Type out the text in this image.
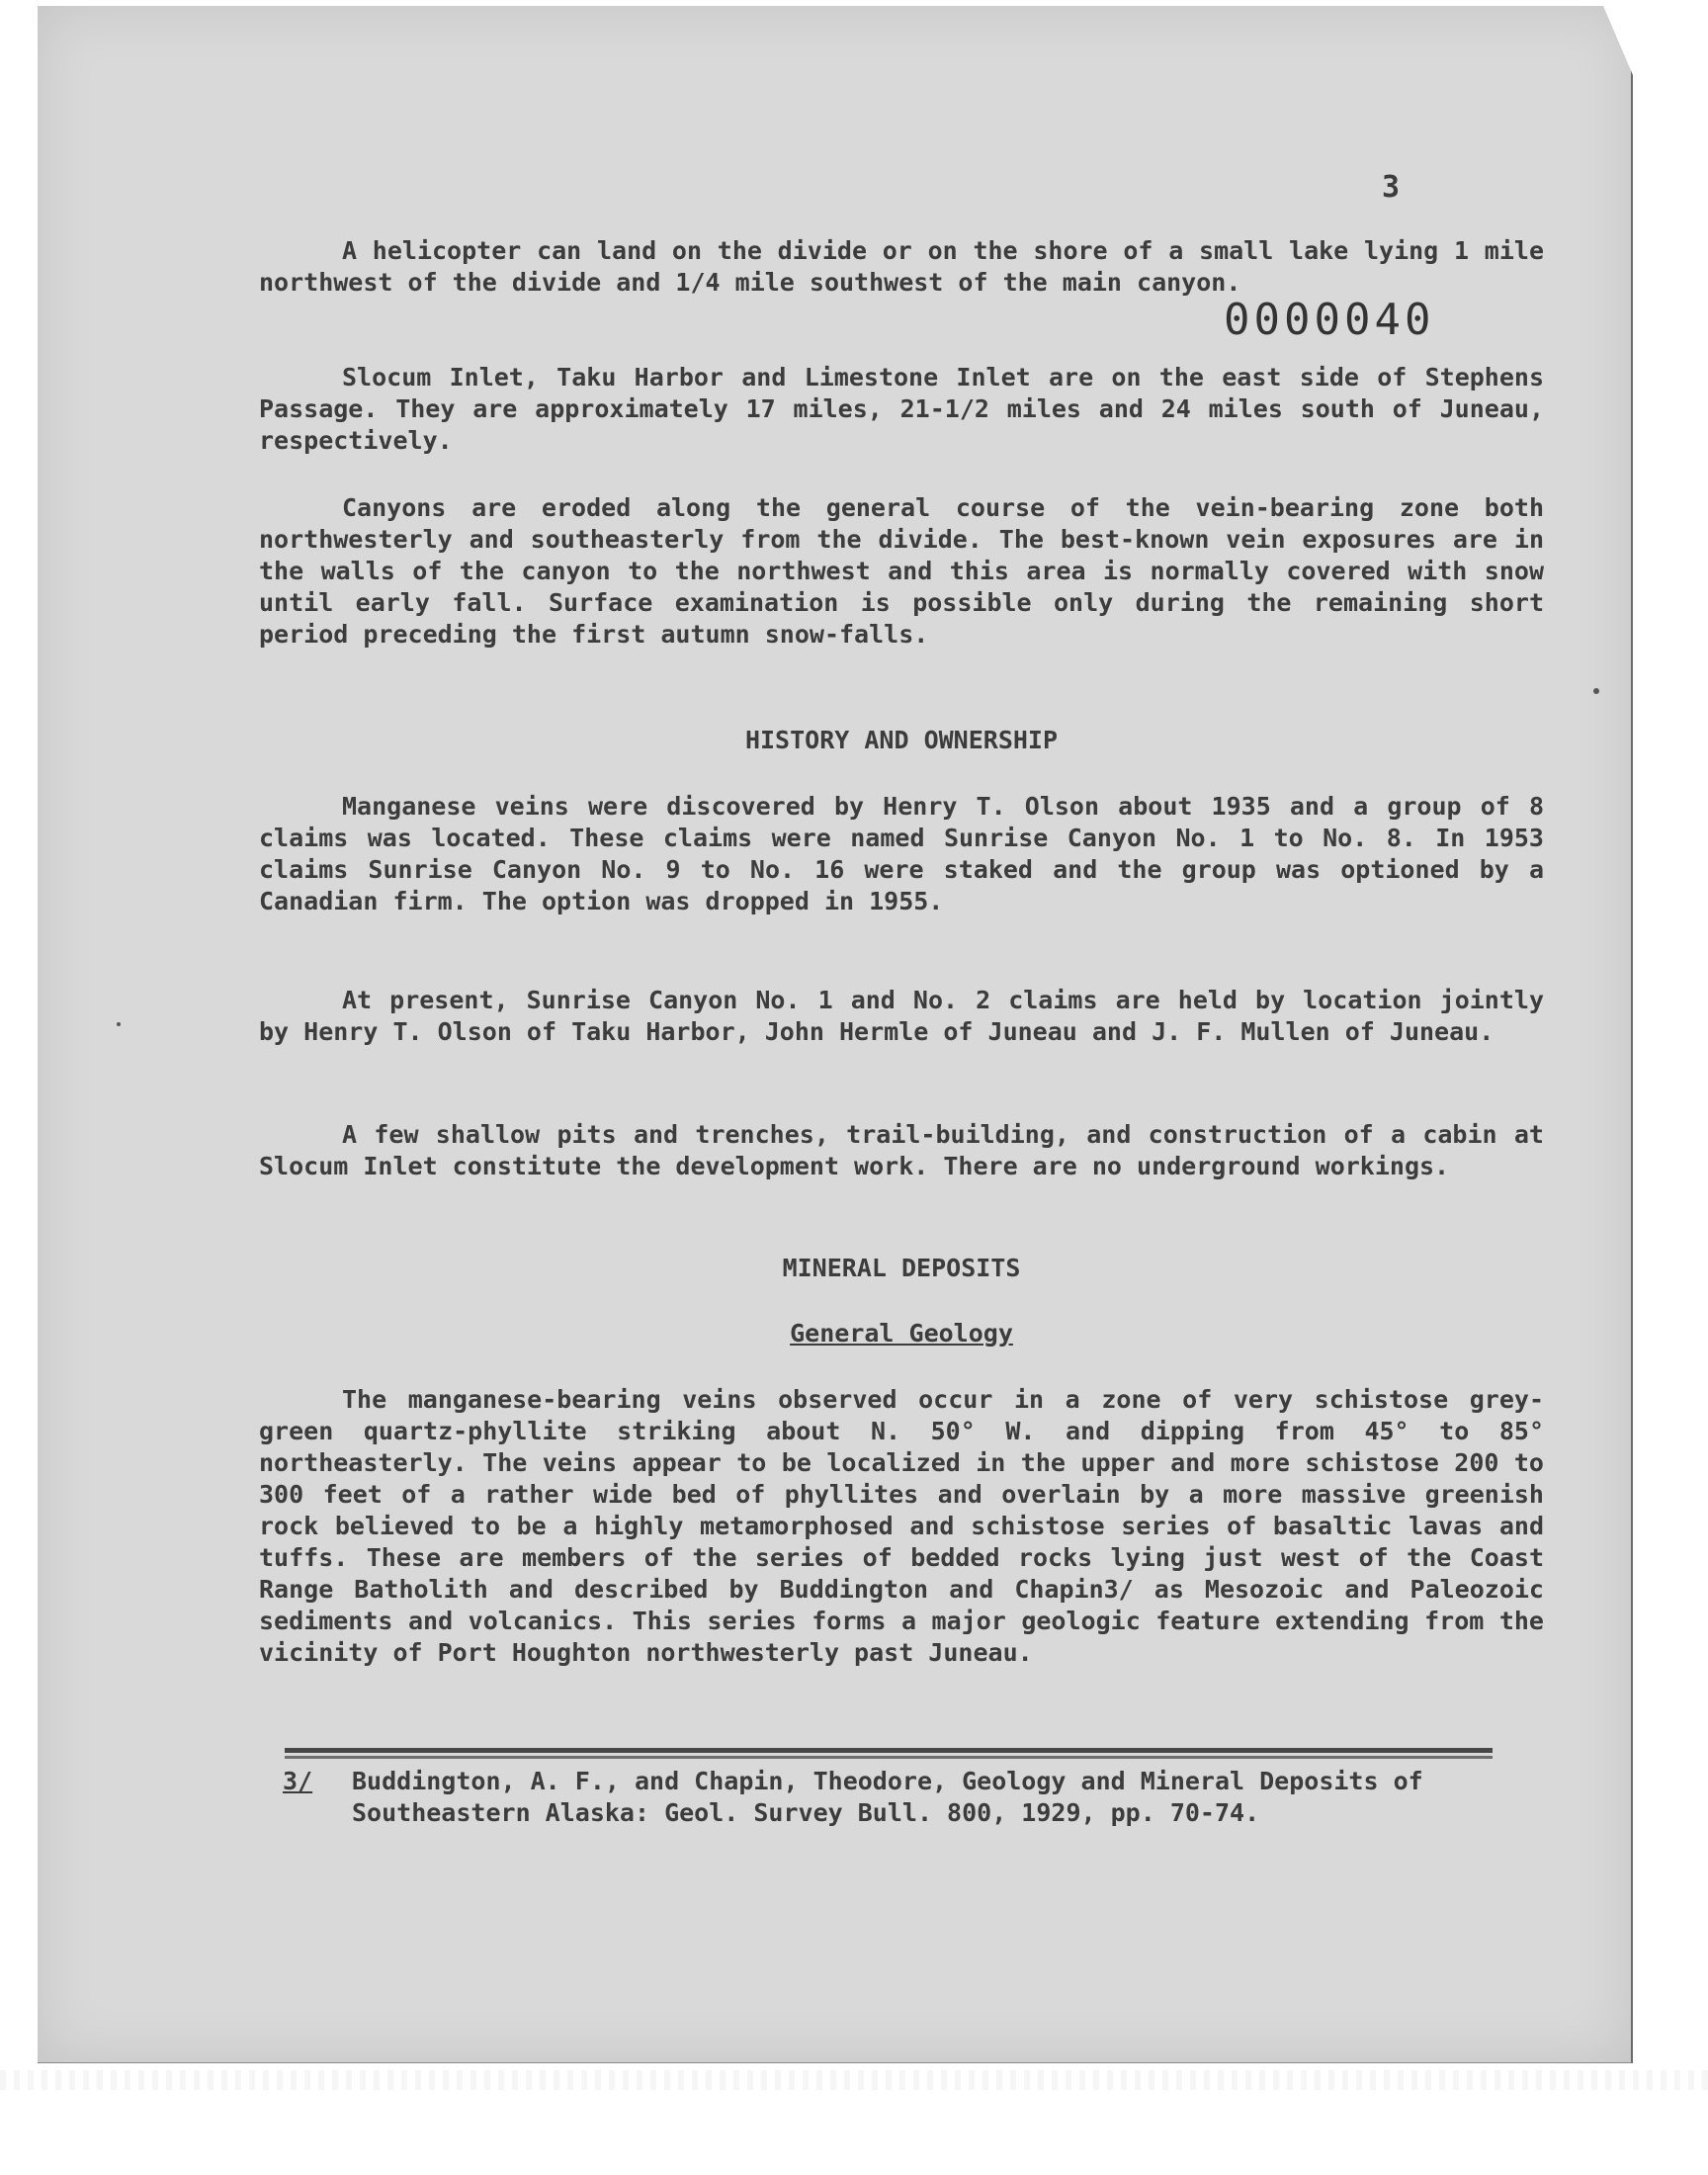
3
0000040

A helicopter can land on the divide or on the shore of a small lake lying 1 mile northwest of the divide and 1/4 mile southwest of the main canyon.

Slocum Inlet, Taku Harbor and Limestone Inlet are on the east side of Stephens Passage. They are approximately 17 miles, 21-1/2 miles and 24 miles south of Juneau, respectively.

Canyons are eroded along the general course of the vein-bearing zone both northwesterly and southeasterly from the divide. The best-known vein exposures are in the walls of the canyon to the northwest and this area is normally covered with snow until early fall. Surface examination is possible only during the remaining short period preceding the first autumn snow-falls.

HISTORY AND OWNERSHIP

Manganese veins were discovered by Henry T. Olson about 1935 and a group of 8 claims was located. These claims were named Sunrise Canyon No. 1 to No. 8. In 1953 claims Sunrise Canyon No. 9 to No. 16 were staked and the group was optioned by a Canadian firm. The option was dropped in 1955.

At present, Sunrise Canyon No. 1 and No. 2 claims are held by location jointly by Henry T. Olson of Taku Harbor, John Hermle of Juneau and J. F. Mullen of Juneau.

A few shallow pits and trenches, trail-building, and construction of a cabin at Slocum Inlet constitute the development work. There are no underground workings.

MINERAL DEPOSITS
General Geology

The manganese-bearing veins observed occur in a zone of very schistose grey-green quartz-phyllite striking about N. 50° W. and dipping from 45° to 85° northeasterly. The veins appear to be localized in the upper and more schistose 200 to 300 feet of a rather wide bed of phyllites and overlain by a more massive greenish rock believed to be a highly metamorphosed and schistose series of basaltic lavas and tuffs. These are members of the series of bedded rocks lying just west of the Coast Range Batholith and described by Buddington and Chapin3/ as Mesozoic and Paleozoic sediments and volcanics. This series forms a major geologic feature extending from the vicinity of Port Houghton northwesterly past Juneau.

3/ Buddington, A. F., and Chapin, Theodore, Geology and Mineral Deposits of Southeastern Alaska: Geol. Survey Bull. 800, 1929, pp. 70-74.
